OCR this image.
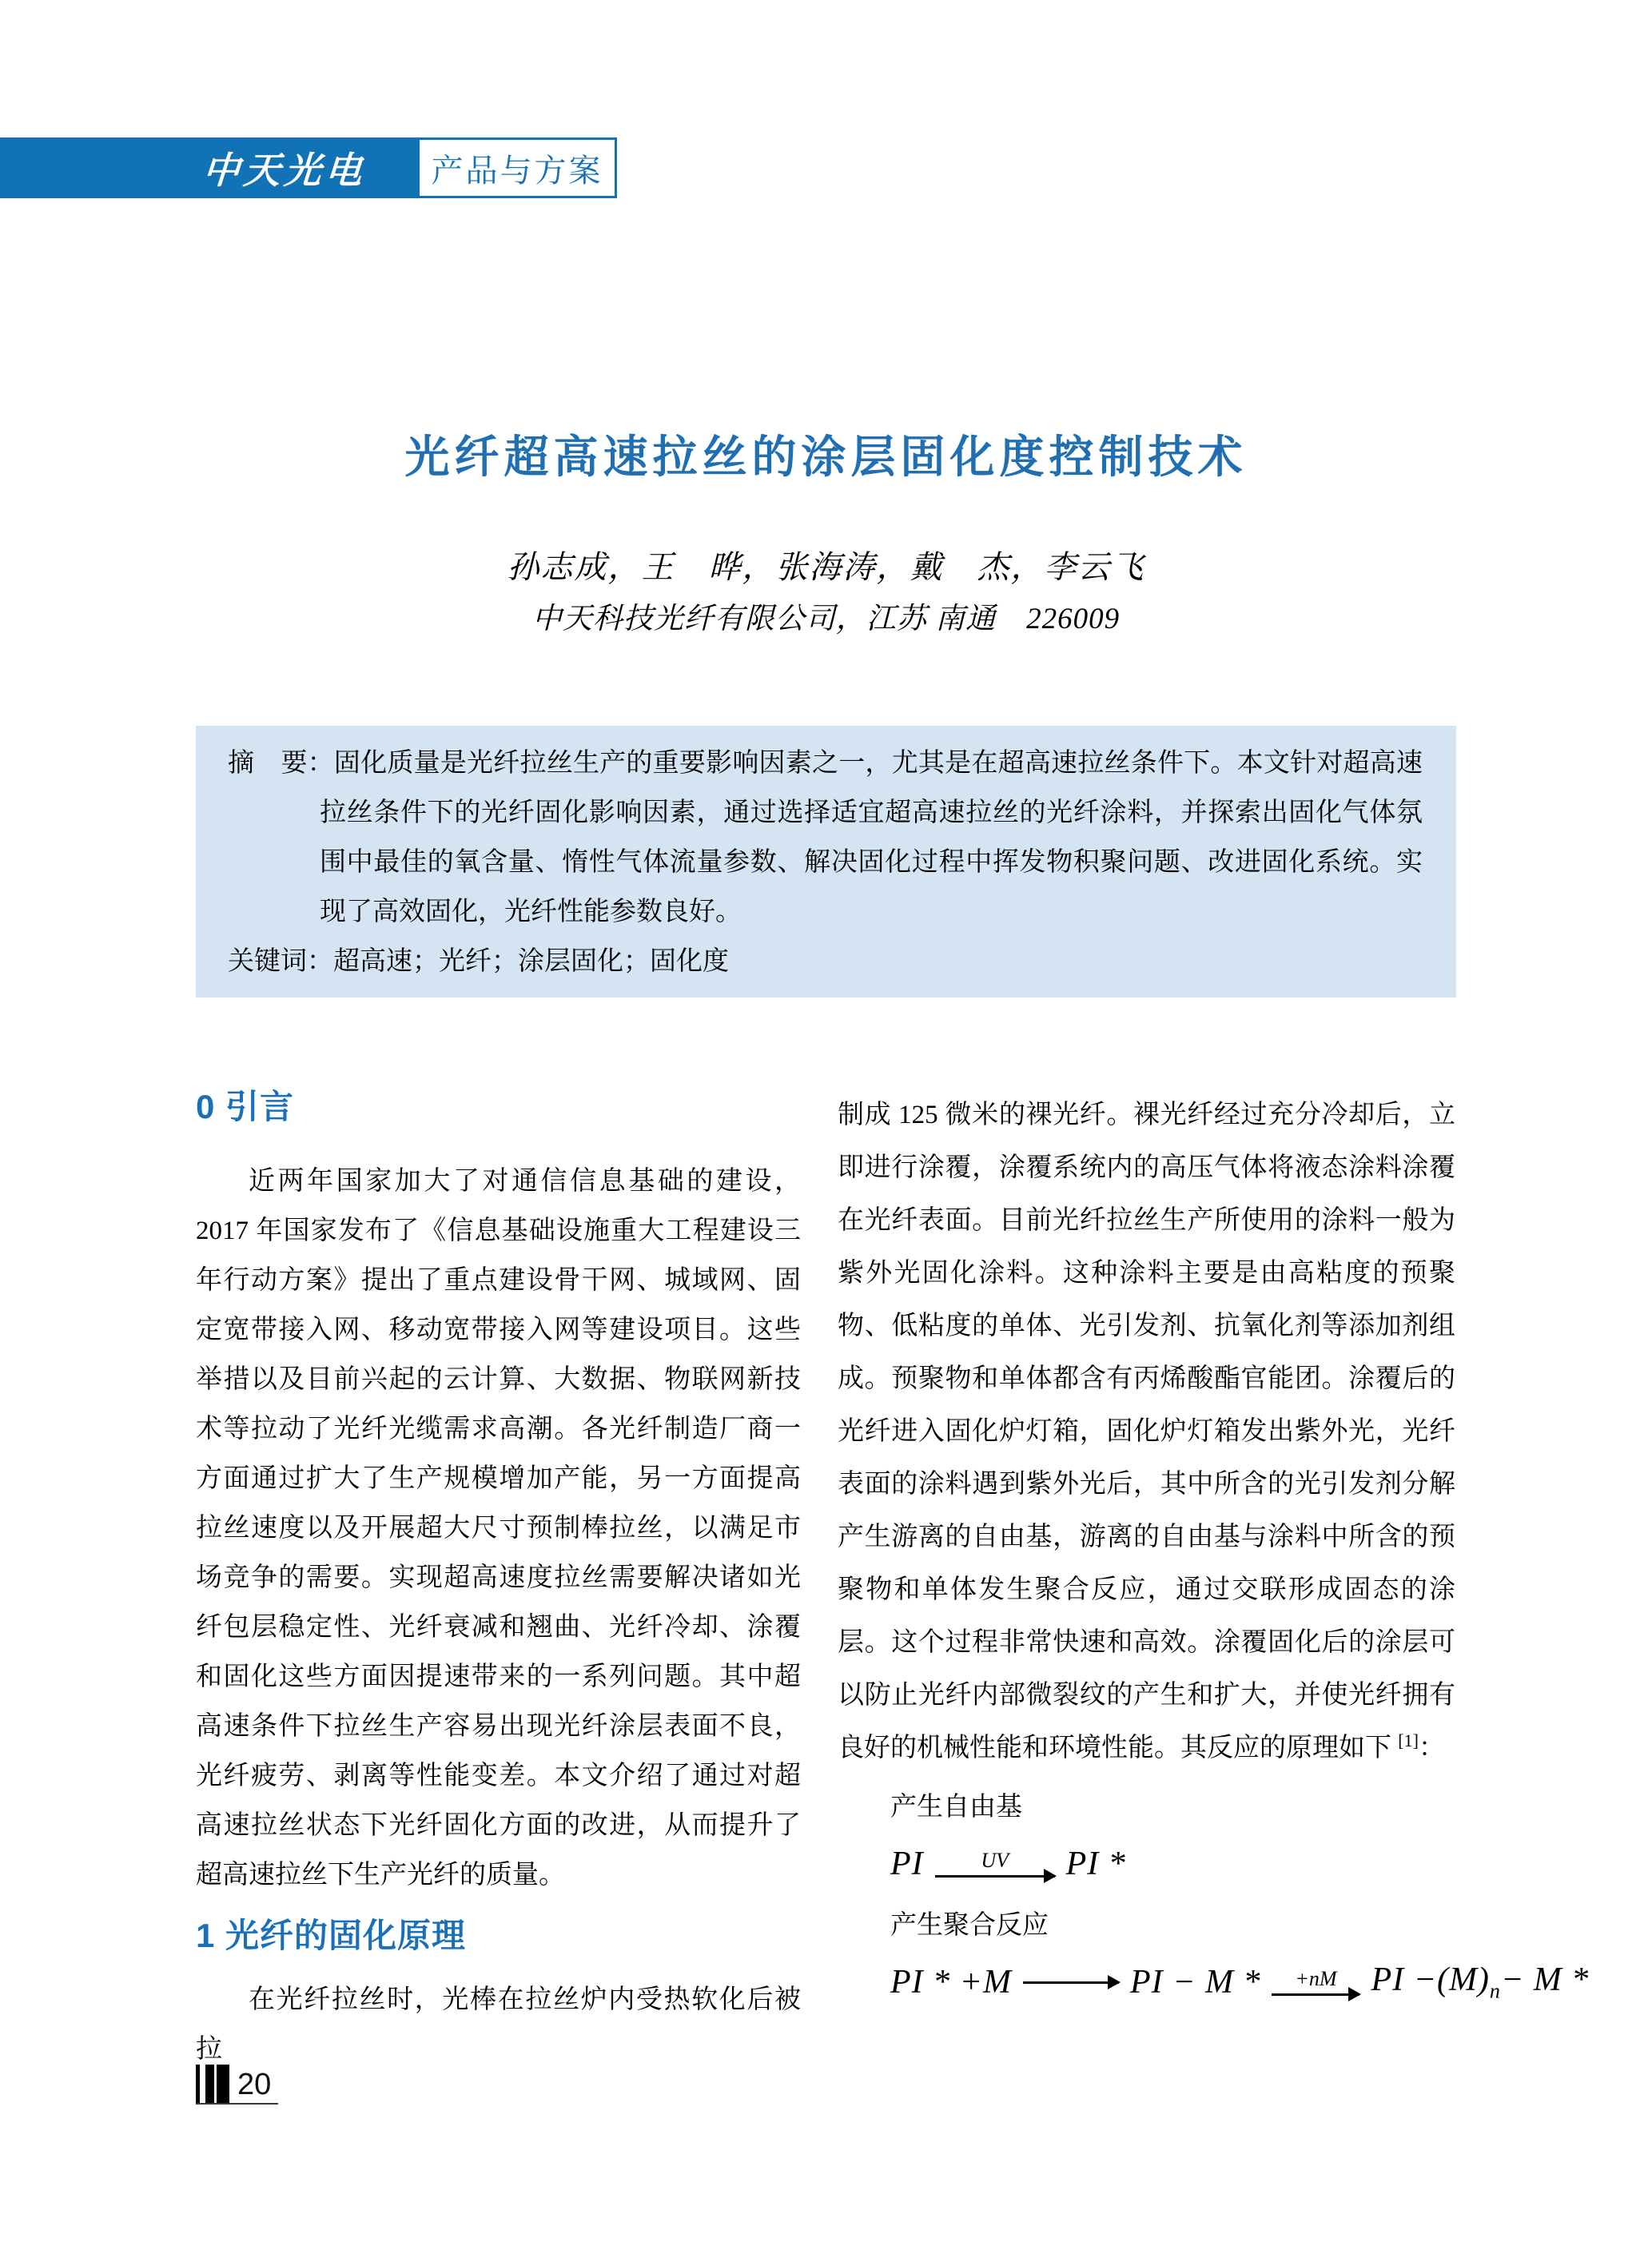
中天光电 产品与方案
光纤超高速拉丝的涂层固化度控制技术
孙志成，王　晔，张海涛，戴　杰，李云飞
中天科技光纤有限公司，江苏 南通　226009

摘　要：固化质量是光纤拉丝生产的重要影响因素之一，尤其是在超高速拉丝条件下。本文针对超高速拉丝条件下的光纤固化影响因素，通过选择适宜超高速拉丝的光纤涂料，并探索出固化气体氛围中最佳的氧含量、惰性气体流量参数、解决固化过程中挥发物积聚问题、改进固化系统。实现了高效固化，光纤性能参数良好。

关键词：超高速；光纤；涂层固化；固化度

0 引言

近两年国家加大了对通信信息基础的建设，2017 年国家发布了《信息基础设施重大工程建设三年行动方案》提出了重点建设骨干网、城域网、固定宽带接入网、移动宽带接入网等建设项目。这些举措以及目前兴起的云计算、大数据、物联网新技术等拉动了光纤光缆需求高潮。各光纤制造厂商一方面通过扩大了生产规模增加产能，另一方面提高拉丝速度以及开展超大尺寸预制棒拉丝，以满足市场竞争的需要。实现超高速度拉丝需要解决诸如光纤包层稳定性、光纤衰减和翘曲、光纤冷却、涂覆和固化这些方面因提速带来的一系列问题。其中超高速条件下拉丝生产容易出现光纤涂层表面不良，光纤疲劳、剥离等性能变差。本文介绍了通过对超高速拉丝状态下光纤固化方面的改进，从而提升了超高速拉丝下生产光纤的质量。

1 光纤的固化原理

在光纤拉丝时，光棒在拉丝炉内受热软化后被拉

制成 125 微米的裸光纤。裸光纤经过充分冷却后，立即进行涂覆，涂覆系统内的高压气体将液态涂料涂覆在光纤表面。目前光纤拉丝生产所使用的涂料一般为紫外光固化涂料。这种涂料主要是由高粘度的预聚物、低粘度的单体、光引发剂、抗氧化剂等添加剂组成。预聚物和单体都含有丙烯酸酯官能团。涂覆后的光纤进入固化炉灯箱，固化炉灯箱发出紫外光，光纤表面的涂料遇到紫外光后，其中所含的光引发剂分解产生游离的自由基，游离的自由基与涂料中所含的预聚物和单体发生聚合反应，通过交联形成固态的涂层。这个过程非常快速和高效。涂覆固化后的涂层可以防止光纤内部微裂纹的产生和扩大，并使光纤拥有良好的机械性能和环境性能。其反应的原理如下 [1]：

产生自由基

PI	UV PI *

产生聚合反应

PI * +M → PI − M * +nM PI $-(M)_n- M$ *
20
